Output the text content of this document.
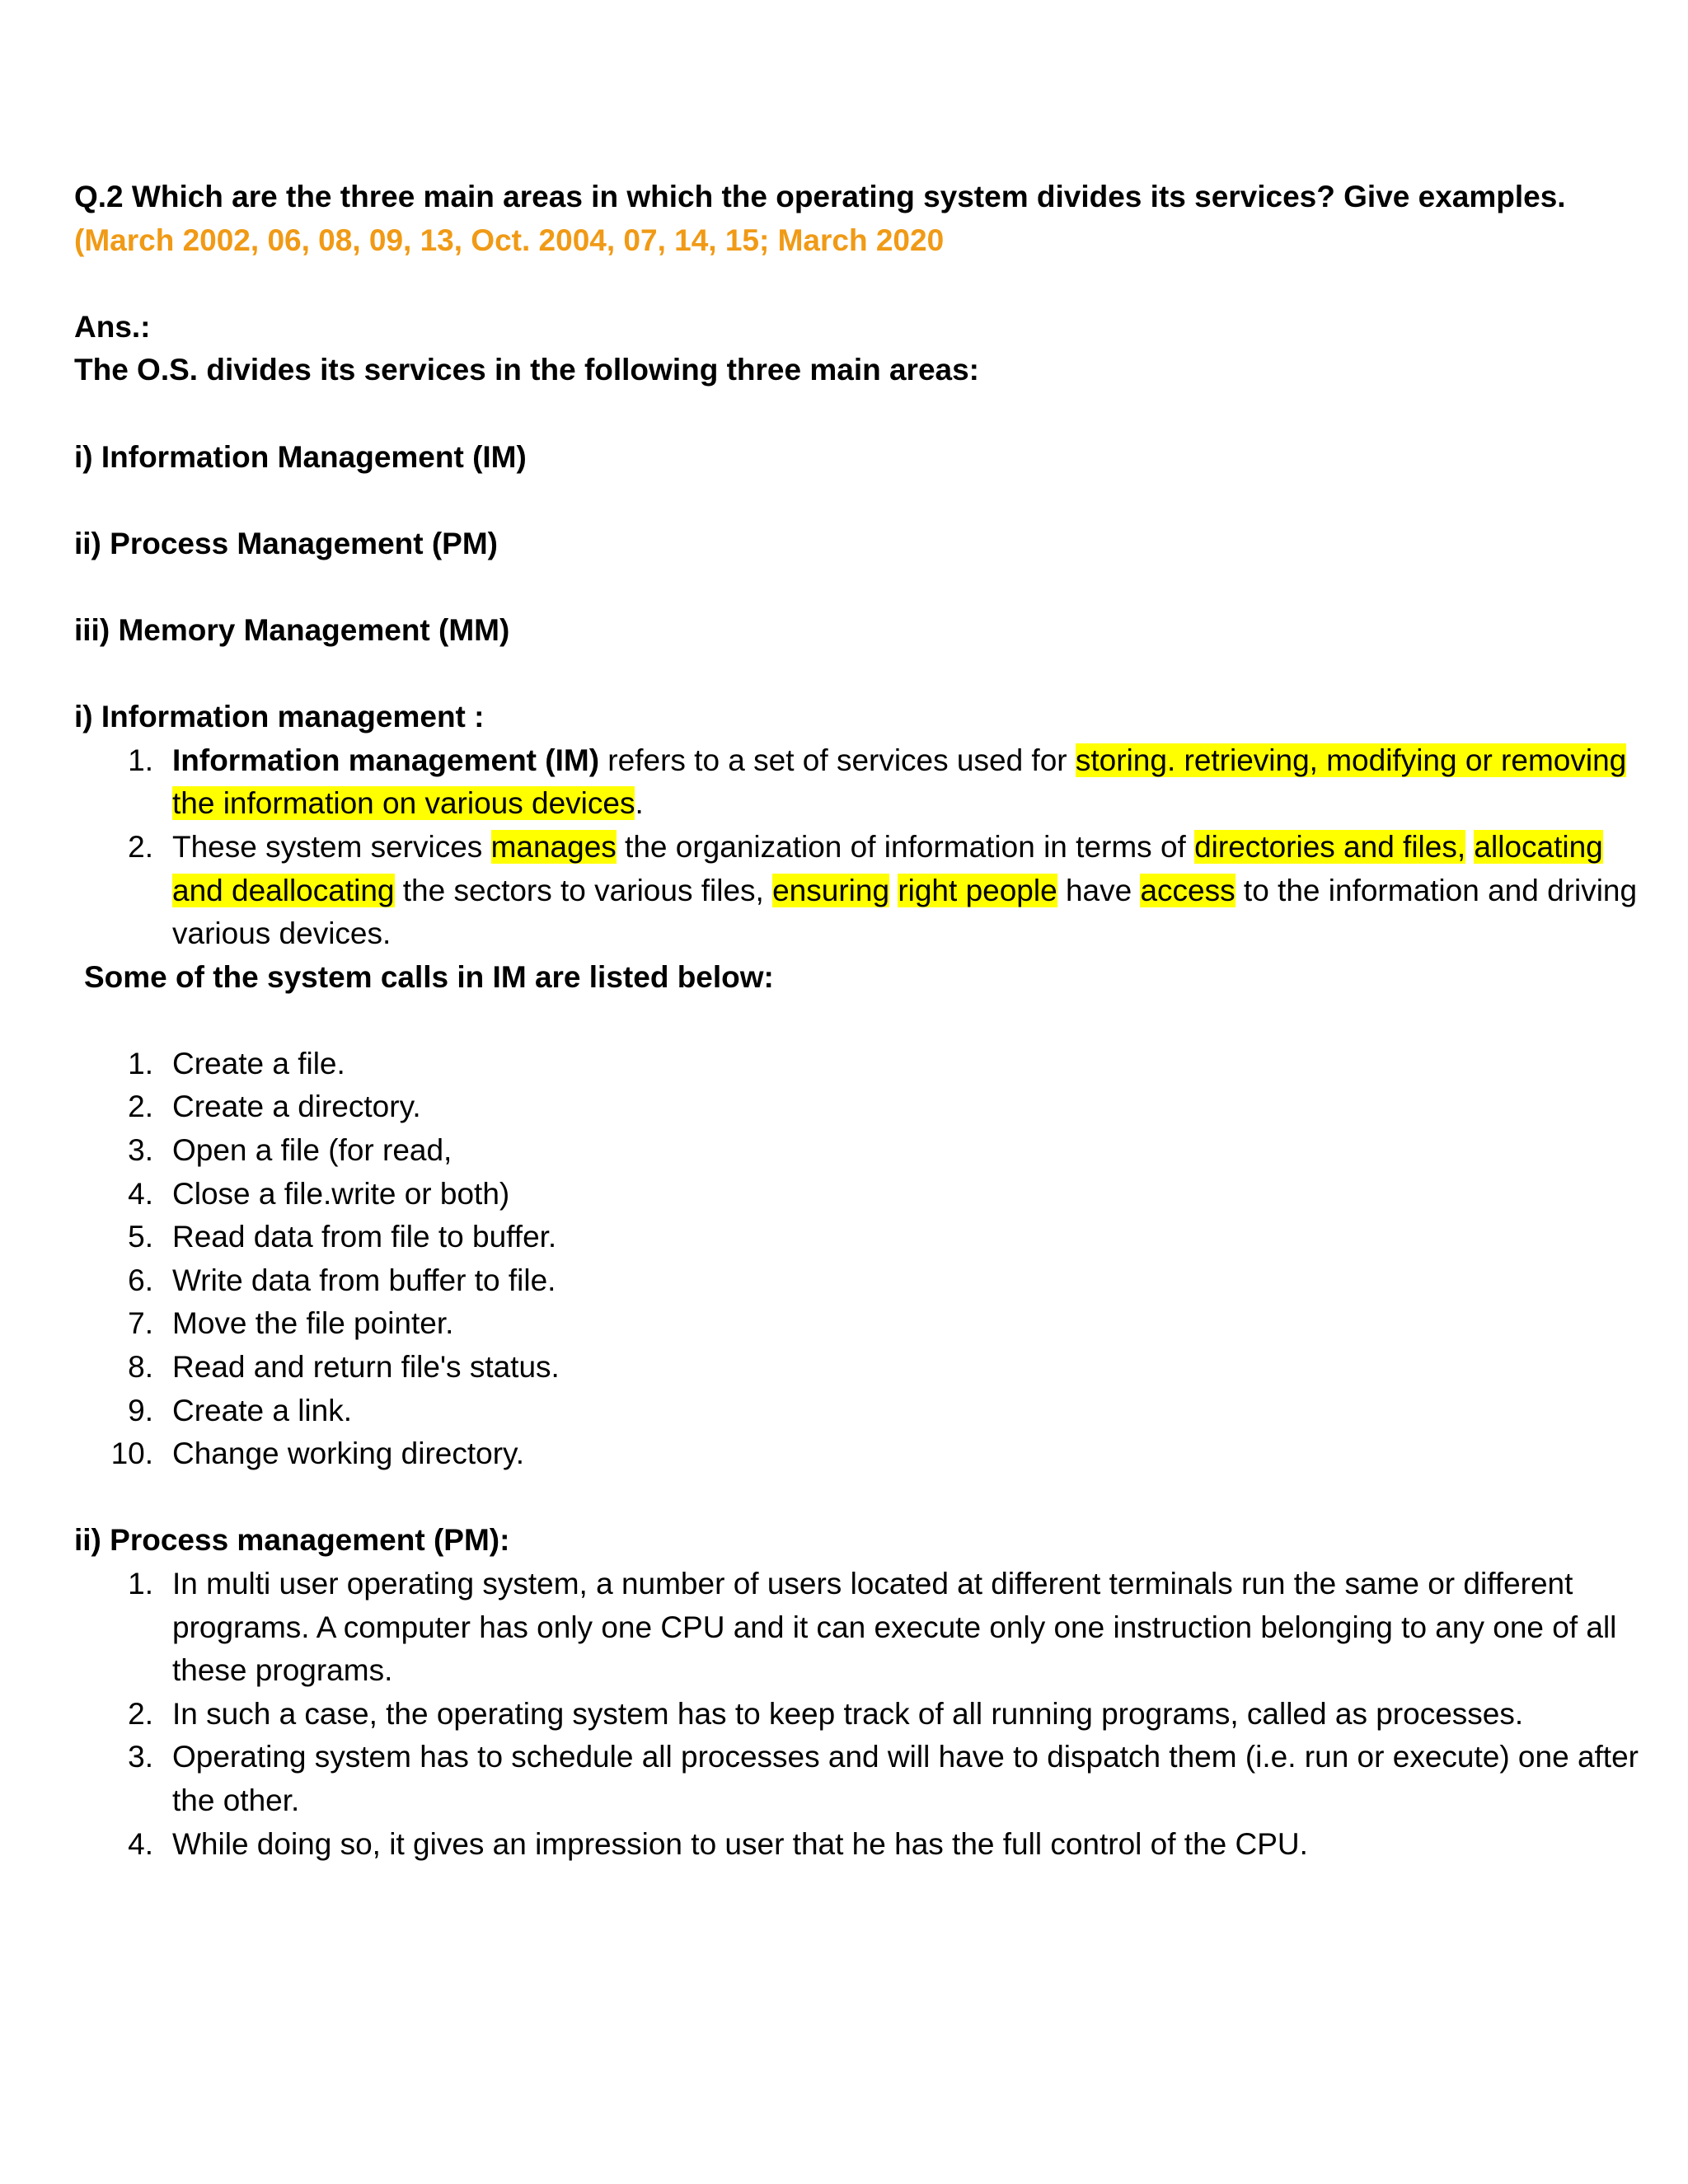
Q.2 Which are the three main areas in which the operating system divides its services? Give examples. (March 2002, 06, 08, 09, 13, Oct. 2004, 07, 14, 15; March 2020
Ans.:
The O.S. divides its services in the following three main areas:
i) Information Management (IM)
ii) Process Management (PM)
iii) Memory Management (MM)
i) Information management :
1. Information management (IM) refers to a set of services used for storing. retrieving, modifying or removing the information on various devices.
2. These system services manages the organization of information in terms of directories and files, allocating and deallocating the sectors to various files, ensuring right people have access to the information and driving various devices.
Some of the system calls in IM are listed below:
1. Create a file.
2. Create a directory.
3. Open a file (for read,
4. Close a file.write or both)
5. Read data from file to buffer.
6. Write data from buffer to file.
7. Move the file pointer.
8. Read and return file's status.
9. Create a link.
10. Change working directory.
ii) Process management (PM):
1. In multi user operating system, a number of users located at different terminals run the same or different programs. A computer has only one CPU and it can execute only one instruction belonging to any one of all these programs.
2. In such a case, the operating system has to keep track of all running programs, called as processes.
3. Operating system has to schedule all processes and will have to dispatch them (i.e. run or execute) one after the other.
4. While doing so, it gives an impression to user that he has the full control of the CPU.
